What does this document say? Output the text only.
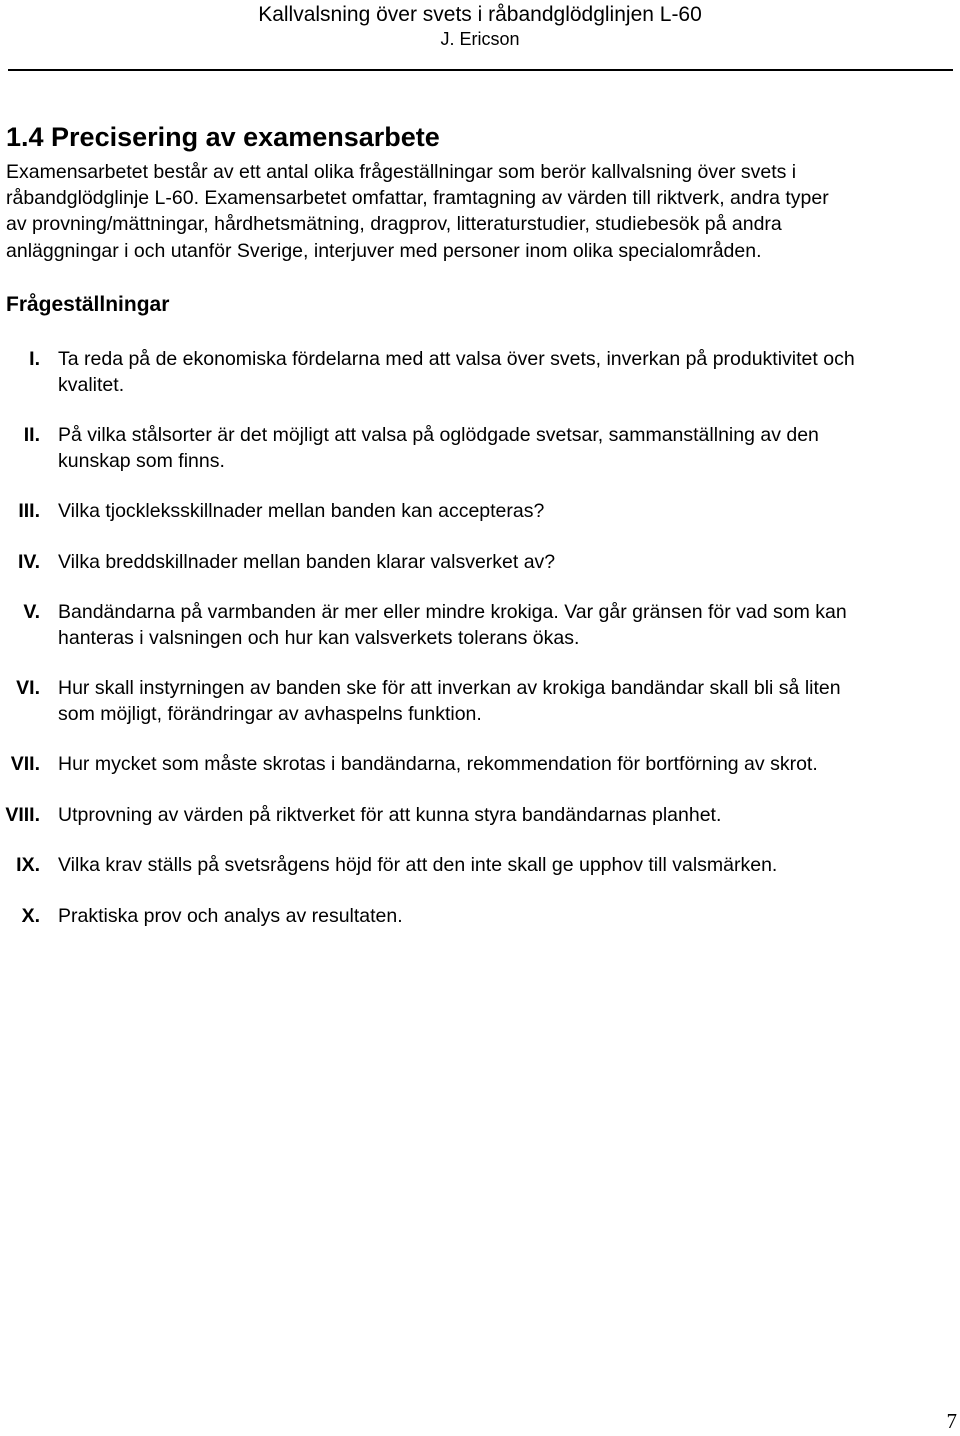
Kallvalsning över svets i råbandglödglinjen L-60
J. Ericson
1.4 Precisering av examensarbete
Examensarbetet består av ett antal olika frågeställningar som berör kallvalsning över svets i
råbandglödglinje L-60. Examensarbetet omfattar, framtagning av värden till riktverk, andra typer
av provning/mättningar, hårdhetsmätning, dragprov, litteraturstudier, studiebesök på andra
anläggningar i och utanför Sverige, interjuver med personer inom olika specialområden.
Frågeställningar
I. Ta reda på de ekonomiska fördelarna med att valsa över svets, inverkan på produktivitet och
kvalitet.
II. På vilka stålsorter är det möjligt att valsa på oglödgade svetsar, sammanställning av den
kunskap som finns.
III. Vilka tjockleksskillnader mellan banden kan accepteras?
IV. Vilka breddskillnader mellan banden klarar valsverket av?
V. Bandändarna på varmbanden är mer eller mindre krokiga. Var går gränsen för vad som kan
hanteras i valsningen och hur kan valsverkets tolerans ökas.
VI. Hur skall instyrningen av banden ske för att inverkan av krokiga bandändar skall bli så liten
som möjligt, förändringar av avhaspelns funktion.
VII. Hur mycket som måste skrotas i bandändarna, rekommendation för bortförning av skrot.
VIII. Utprovning av värden på riktverket för att kunna styra bandändarnas planhet.
IX. Vilka krav ställs på svetsrågens höjd för att den inte skall ge upphov till valsmärken.
X. Praktiska prov och analys av resultaten.
7
